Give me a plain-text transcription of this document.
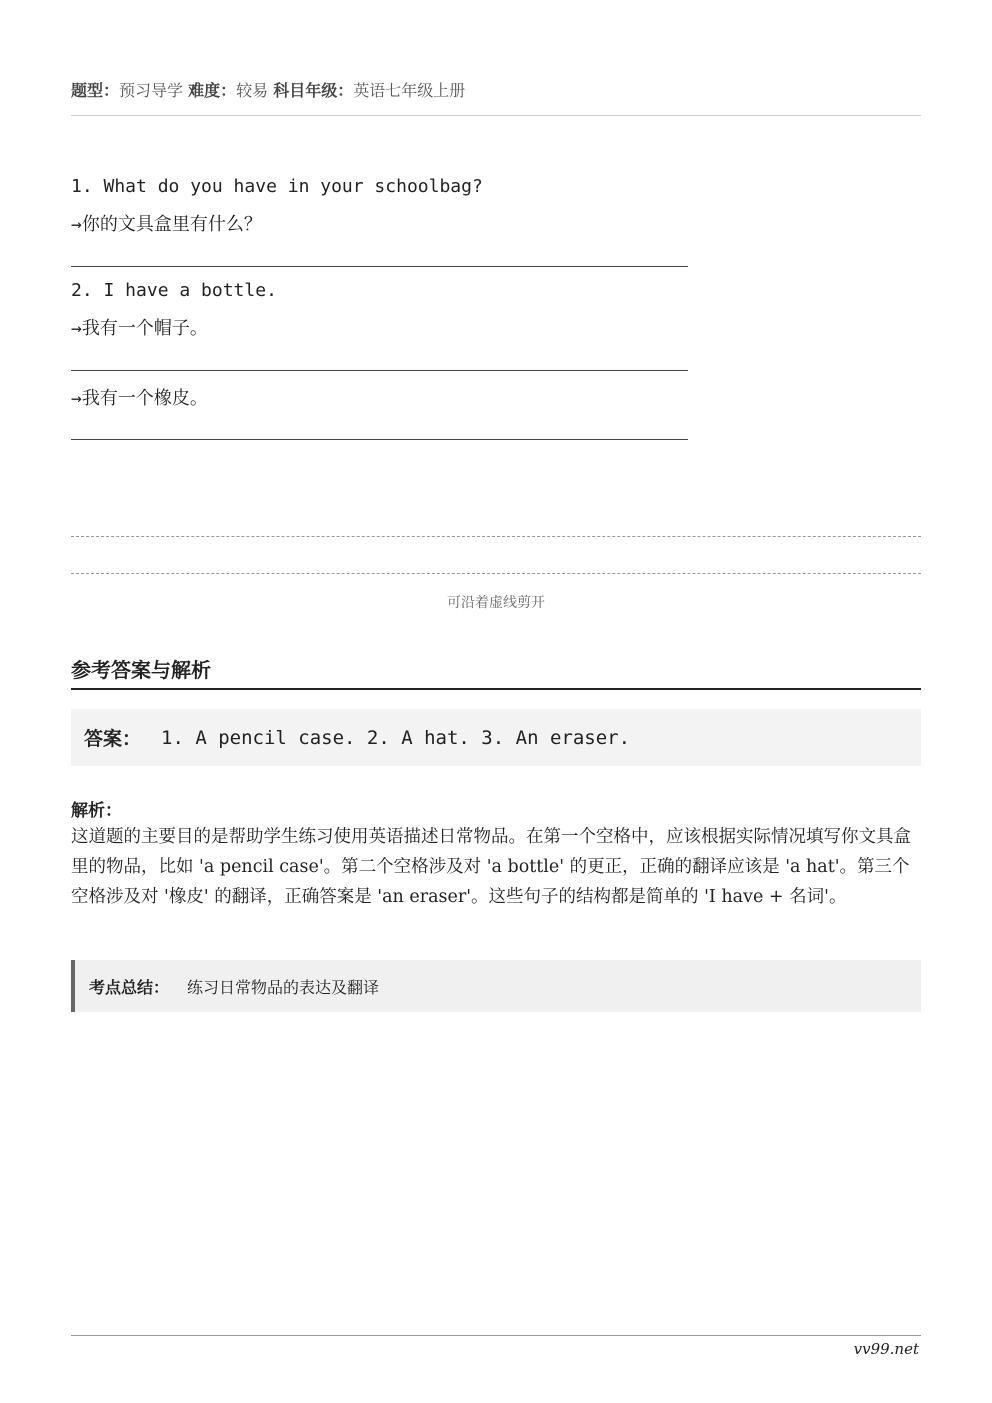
题型：预习导学 难度：较易 科目年级：英语七年级上册
1. What do you have in your schoolbag?
→你的文具盒里有什么？
2. I have a bottle.
→我有一个帽子。
→我有一个橡皮。
可沿着虚线剪开
参考答案与解析
答案： 1. A pencil case. 2. A hat. 3. An eraser.
解析：
这道题的主要目的是帮助学生练习使用英语描述日常物品。在第一个空格中，应该根据实际情况填写你文具盒里的物品，比如 'a pencil case'。第二个空格涉及对 'a bottle' 的更正，正确的翻译应该是 'a hat'。第三个空格涉及对 '橡皮' 的翻译，正确答案是 'an eraser'。这些句子的结构都是简单的 'I have + 名词'。
考点总结： 练习日常物品的表达及翻译
vv99.net
